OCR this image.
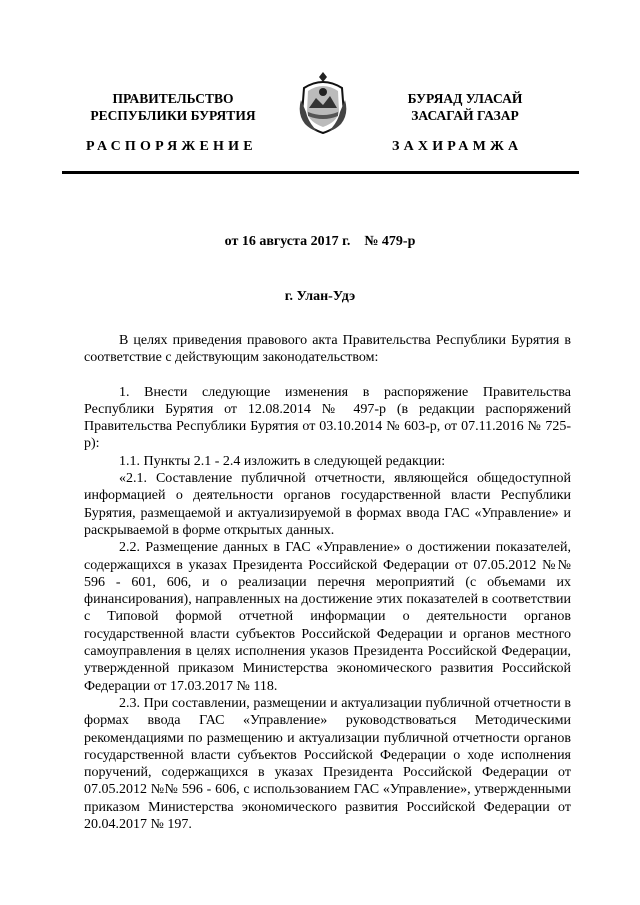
ПРАВИТЕЛЬСТВО
РЕСПУБЛИКИ БУРЯТИЯ
БУРЯАД УЛАСАЙ
ЗАСАГАЙ ГАЗАР
РАСПОРЯЖЕНИЕ	ЗАХИРАМЖА
от 16 августа 2017 г.    № 479-р
г. Улан-Удэ

В целях приведения правового акта Правительства Республики Бурятия в соответствие с действующим законодательством:

1. Внести следующие изменения в распоряжение Правительства Республики Бурятия от 12.08.2014 № 497-р (в редакции распоряжений Правительства Республики Бурятия от 03.10.2014 № 603-р, от 07.11.2016 № 725-р):

1.1. Пункты 2.1 - 2.4 изложить в следующей редакции:

«2.1. Составление публичной отчетности, являющейся общедоступной информацией о деятельности органов государственной власти Республики Бурятия, размещаемой и актуализируемой в формах ввода ГАС «Управление» и раскрываемой в форме открытых данных.

2.2. Размещение данных в ГАС «Управление» о достижении показателей, содержащихся в указах Президента Российской Федерации от 07.05.2012 №№ 596 - 601, 606, и о реализации перечня мероприятий (с объемами их финансирования), направленных на достижение этих показателей в соответствии с Типовой формой отчетной информации о деятельности органов государственной власти субъектов Российской Федерации и органов местного самоуправления в целях исполнения указов Президента Российской Федерации, утвержденной приказом Министерства экономического развития Российской Федерации от 17.03.2017 № 118.

2.3. При составлении, размещении и актуализации публичной отчетности в формах ввода ГАС «Управление» руководствоваться Методическими рекомендациями по размещению и актуализации публичной отчетности органов государственной власти субъектов Российской Федерации о ходе исполнения поручений, содержащихся в указах Президента Российской Федерации от 07.05.2012 №№ 596 - 606, с использованием ГАС «Управление», утвержденными приказом Министерства экономического развития Российской Федерации от 20.04.2017 № 197.
